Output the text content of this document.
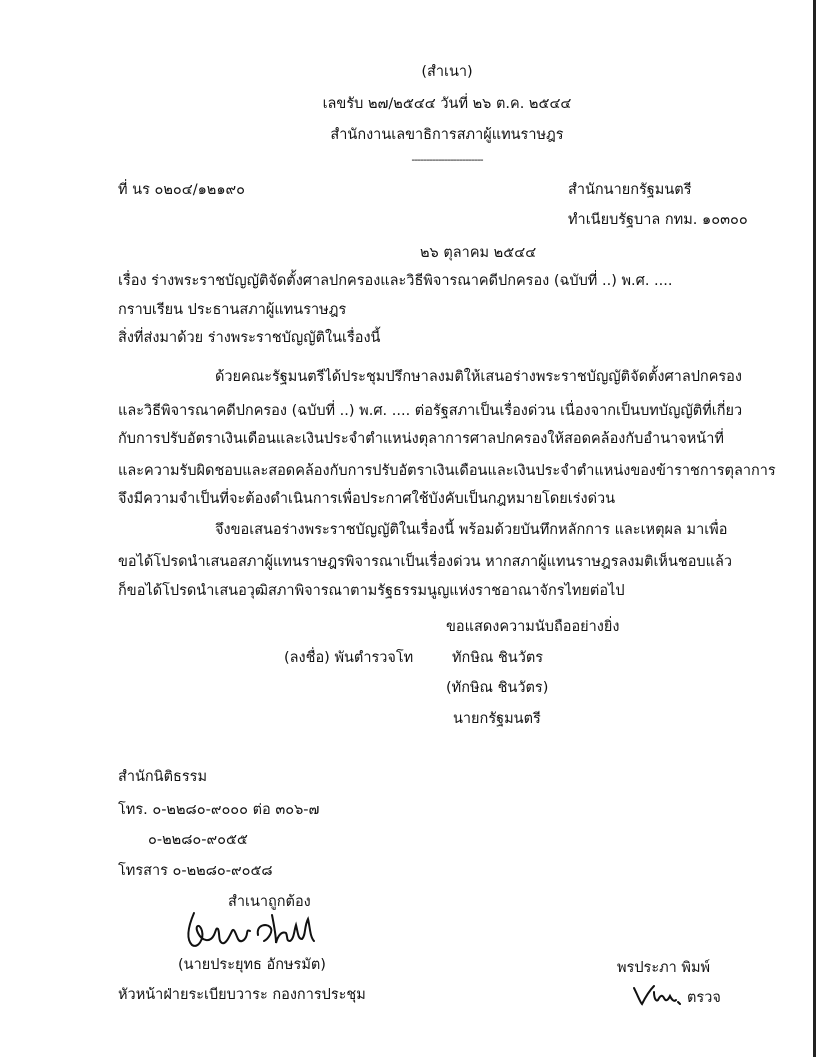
(สำเนา)
เลขรับ ๒๗/๒๕๔๔ วันที่ ๒๖ ต.ค. ๒๕๔๔
สำนักงานเลขาธิการสภาผู้แทนราษฎร
------------------------
ที่ นร ๐๒๐๔/๑๒๑๙๐	สำนักนายกรัฐมนตรี
ทำเนียบรัฐบาล กทม. ๑๐๓๐๐
๒๖ ตุลาคม ๒๕๔๔
เรื่อง ร่างพระราชบัญญัติจัดตั้งศาลปกครองและวิธีพิจารณาคดีปกครอง (ฉบับที่ ..) พ.ศ. ....
กราบเรียน ประธานสภาผู้แทนราษฎร
สิ่งที่ส่งมาด้วย ร่างพระราชบัญญัติในเรื่องนี้
ด้วยคณะรัฐมนตรีได้ประชุมปรึกษาลงมติให้เสนอร่างพระราชบัญญัติจัดตั้งศาลปกครอง
และวิธีพิจารณาคดีปกครอง (ฉบับที่ ..) พ.ศ. .... ต่อรัฐสภาเป็นเรื่องด่วน เนื่องจากเป็นบทบัญญัติที่เกี่ยว
กับการปรับอัตราเงินเดือนและเงินประจำตำแหน่งตุลาการศาลปกครองให้สอดคล้องกับอำนาจหน้าที่
และความรับผิดชอบและสอดคล้องกับการปรับอัตราเงินเดือนและเงินประจำตำแหน่งของข้าราชการตุลาการ
จึงมีความจำเป็นที่จะต้องดำเนินการเพื่อประกาศใช้บังคับเป็นกฎหมายโดยเร่งด่วน
จึงขอเสนอร่างพระราชบัญญัติในเรื่องนี้ พร้อมด้วยบันทึกหลักการ และเหตุผล มาเพื่อ
ขอได้โปรดนำเสนอสภาผู้แทนราษฎรพิจารณาเป็นเรื่องด่วน หากสภาผู้แทนราษฎรลงมติเห็นชอบแล้ว
ก็ขอได้โปรดนำเสนอวุฒิสภาพิจารณาตามรัฐธรรมนูญแห่งราชอาณาจักรไทยต่อไป
ขอแสดงความนับถืออย่างยิ่ง
(ลงชื่อ) พันตำรวจโท	ทักษิณ ชินวัตร
(ทักษิณ ชินวัตร)
นายกรัฐมนตรี
สำนักนิติธรรม
โทร. ๐-๒๒๘๐-๙๐๐๐ ต่อ ๓๐๖-๗
๐-๒๒๘๐-๙๐๕๕
โทรสาร ๐-๒๒๘๐-๙๐๕๘
สำเนาถูกต้อง
(นายประยุทธ อักษรมัต)
หัวหน้าฝ่ายระเบียบวาระ กองการประชุม
พรประภา พิมพ์
ตรวจ
